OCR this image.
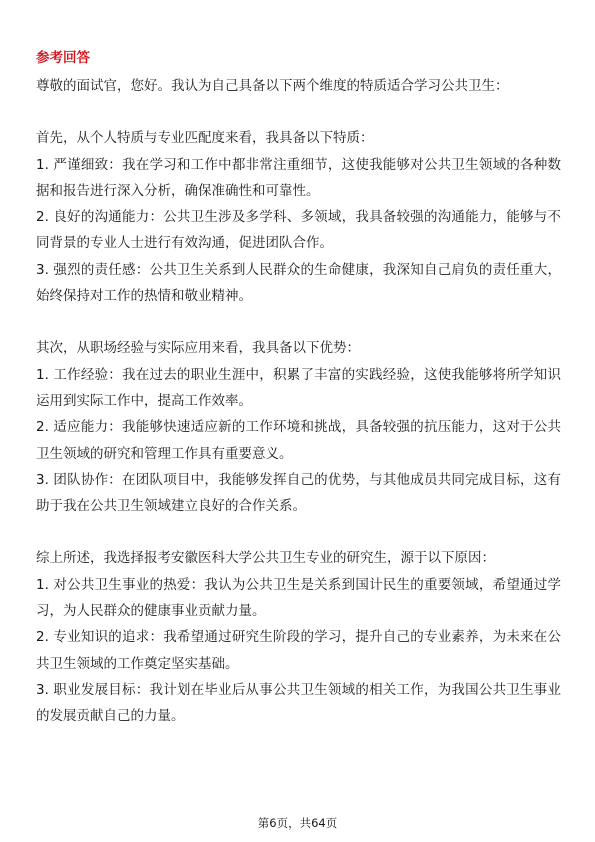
参考回答

尊敬的面试官，您好。我认为自己具备以下两个维度的特质适合学习公共卫生：

首先，从个人特质与专业匹配度来看，我具备以下特质：

1. 严谨细致：我在学习和工作中都非常注重细节，这使我能够对公共卫生领域的各种数据和报告进行深入分析，确保准确性和可靠性。

2. 良好的沟通能力：公共卫生涉及多学科、多领域，我具备较强的沟通能力，能够与不同背景的专业人士进行有效沟通，促进团队合作。

3. 强烈的责任感：公共卫生关系到人民群众的生命健康，我深知自己肩负的责任重大，始终保持对工作的热情和敬业精神。

其次，从职场经验与实际应用来看，我具备以下优势：

1. 工作经验：我在过去的职业生涯中，积累了丰富的实践经验，这使我能够将所学知识运用到实际工作中，提高工作效率。

2. 适应能力：我能够快速适应新的工作环境和挑战，具备较强的抗压能力，这对于公共卫生领域的研究和管理工作具有重要意义。

3. 团队协作：在团队项目中，我能够发挥自己的优势，与其他成员共同完成目标，这有助于我在公共卫生领域建立良好的合作关系。

综上所述，我选择报考安徽医科大学公共卫生专业的研究生，源于以下原因：

1. 对公共卫生事业的热爱：我认为公共卫生是关系到国计民生的重要领域，希望通过学习，为人民群众的健康事业贡献力量。

2. 专业知识的追求：我希望通过研究生阶段的学习，提升自己的专业素养，为未来在公共卫生领域的工作奠定坚实基础。

3. 职业发展目标：我计划在毕业后从事公共卫生领域的相关工作，为我国公共卫生事业的发展贡献自己的力量。

第6页，共64页
